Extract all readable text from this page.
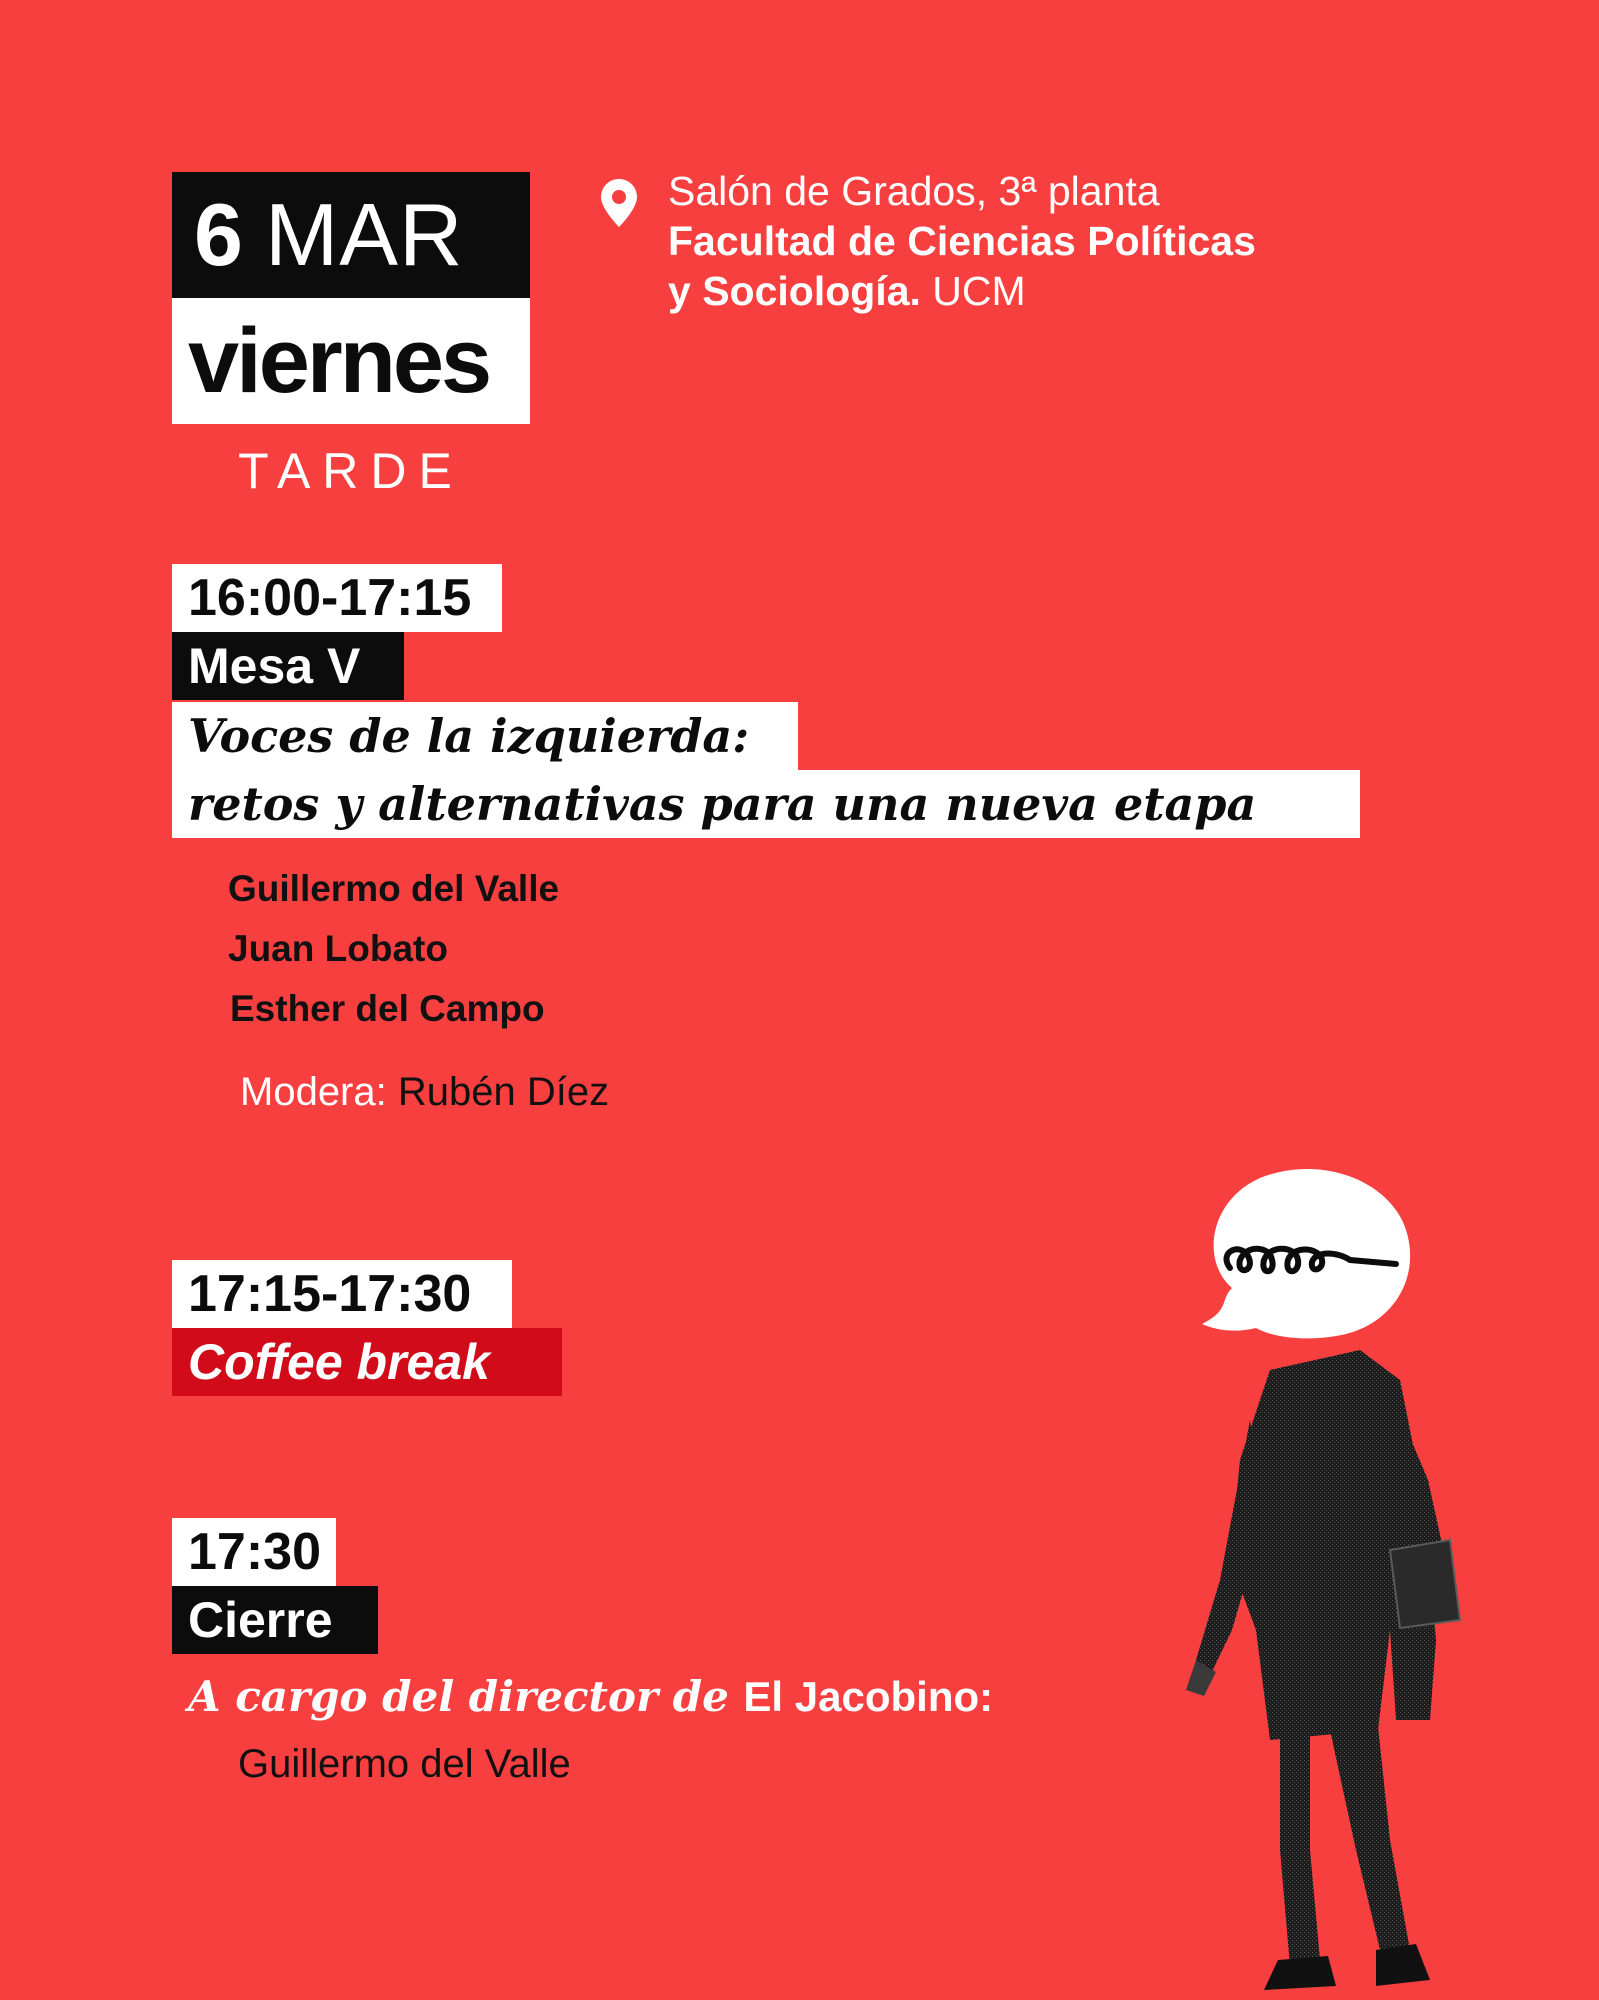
6 MAR
viernes
TARDE
Salón de Grados, 3ª planta
Facultad de Ciencias Políticas
y Sociología. UCM
16:00-17:15
Mesa V
Voces de la izquierda:
retos y alternativas para una nueva etapa
Guillermo del Valle
Juan Lobato
Esther del Campo
Modera: Rubén Díez
17:15-17:30
Coffee break
17:30
Cierre
A cargo del director de El Jacobino:
Guillermo del Valle
